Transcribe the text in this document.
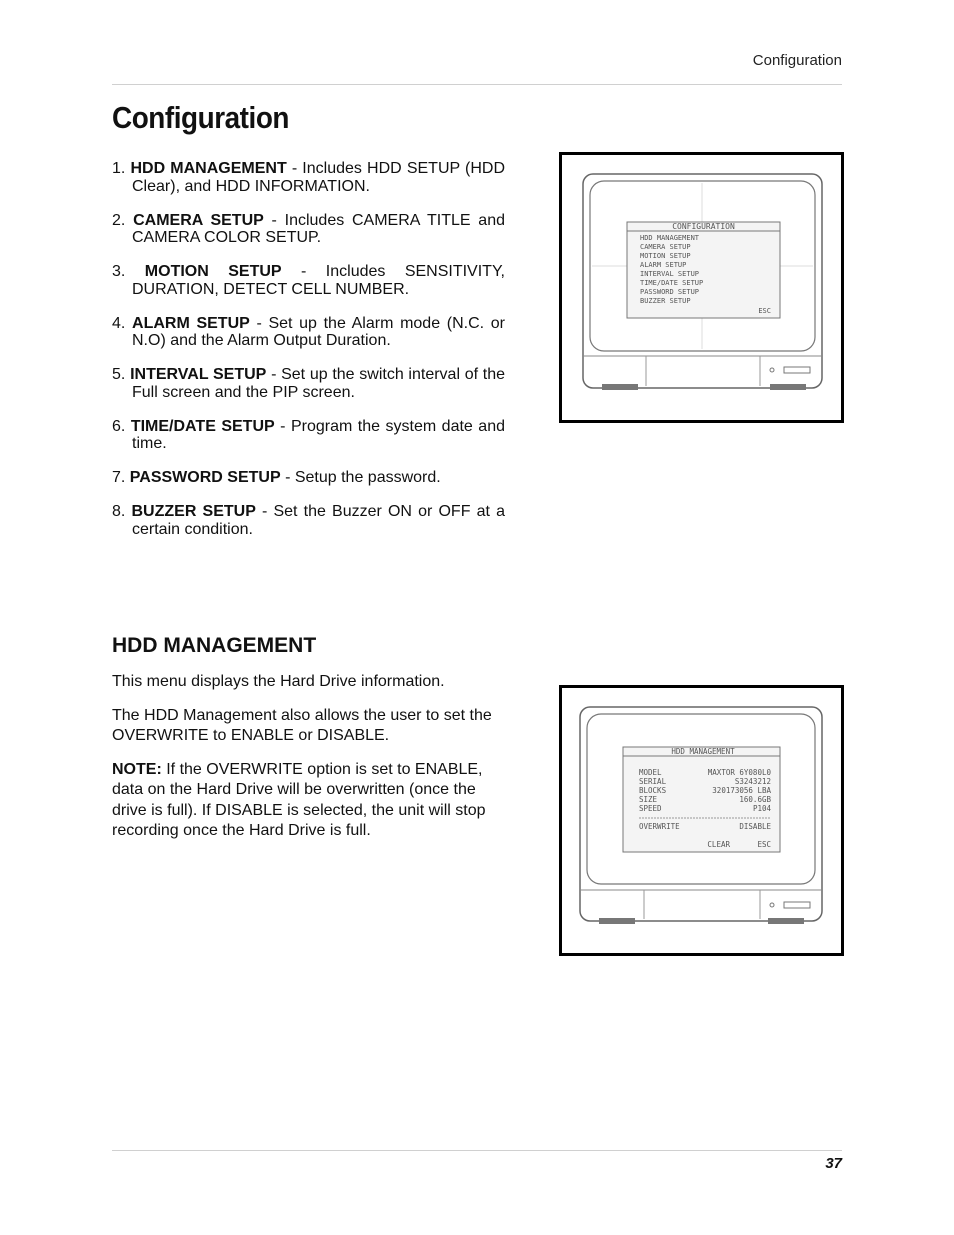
Configuration
Configuration
1. HDD MANAGEMENT - Includes HDD SETUP (HDD Clear), and HDD INFORMATION.
2. CAMERA SETUP - Includes CAMERA TITLE and CAMERA COLOR SETUP.
3. MOTION SETUP - Includes SENSITIVITY, DURATION, DETECT CELL NUMBER.
4. ALARM SETUP - Set up the Alarm mode (N.C. or N.O) and the Alarm Output Duration.
5. INTERVAL SETUP - Set up the switch interval of the Full screen and the PIP screen.
6. TIME/DATE SETUP - Program the system date and time.
7. PASSWORD SETUP - Setup the password.
8. BUZZER SETUP - Set the Buzzer ON or OFF at a certain condition.
CONFIGURATION
HDD MANAGEMENT
CAMERA SETUP
MOTION SETUP
ALARM SETUP
INTERVAL SETUP
TIME/DATE SETUP
PASSWORD SETUP
BUZZER SETUP
ESC
HDD MANAGEMENT

This menu displays the Hard Drive information.

The HDD Management also allows the user to set the OVERWRITE to ENABLE or DISABLE.

NOTE: If the OVERWRITE option is set to ENABLE, data on the Hard Drive will be overwritten (once the drive is full). If DISABLE is selected, the unit will stop recording once the Hard Drive is full.

HDD MANAGEMENT
MODEL	MAXTOR 6Y080L0
SERIAL	S3243212
BLOCKS	320173056 LBA
SIZE	160.6GB
SPEED	P104
OVERWRITE	DISABLE
CLEAR	ESC
37
